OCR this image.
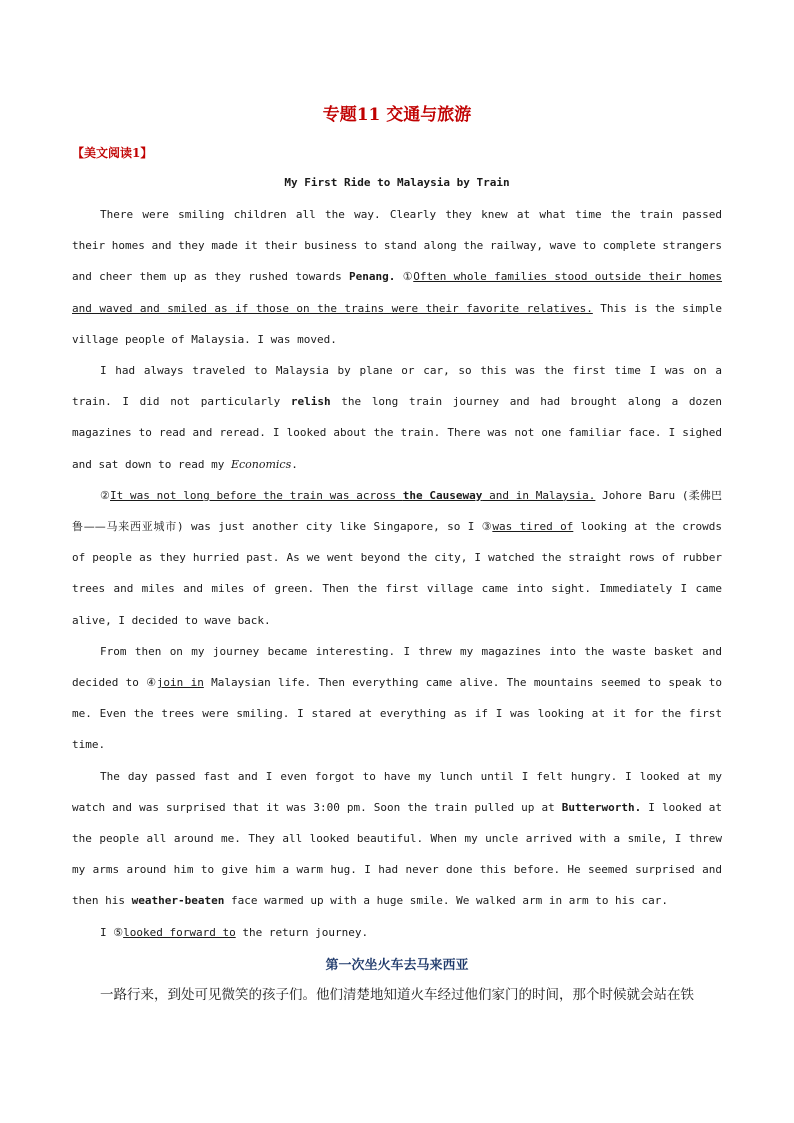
专题11 交通与旅游
【美文阅读1】
My First Ride to Malaysia by Train

There were smiling children all the way. Clearly they knew at what time the train passed their homes and they made it their business to stand along the railway, wave to complete strangers and cheer them up as they rushed towards Penang. ①Often whole families stood outside their homes and waved and smiled as if those on the trains were their favorite relatives. This is the simple village people of Malaysia. I was moved.

I had always traveled to Malaysia by plane or car, so this was the first time I was on a train. I did not particularly relish the long train journey and had brought along a dozen magazines to read and reread. I looked about the train. There was not one familiar face. I sighed and sat down to read my Economics.

②It was not long before the train was across the Causeway and in Malaysia. Johore Baru (柔佛巴鲁——马来西亚城市) was just another city like Singapore, so I ③was tired of looking at the crowds of people as they hurried past. As we went beyond the city, I watched the straight rows of rubber trees and miles and miles of green. Then the first village came into sight. Immediately I came alive, I decided to wave back.

From then on my journey became interesting. I threw my magazines into the waste basket and decided to ④join in Malaysian life. Then everything came alive. The mountains seemed to speak to me. Even the trees were smiling. I stared at everything as if I was looking at it for the first time.

The day passed fast and I even forgot to have my lunch until I felt hungry. I looked at my watch and was surprised that it was 3:00 pm. Soon the train pulled up at Butterworth. I looked at the people all around me. They all looked beautiful. When my uncle arrived with a smile, I threw my arms around him to give him a warm hug. I had never done this before. He seemed surprised and then his weather-beaten face warmed up with a huge smile. We walked arm in arm to his car.

I ⑤looked forward to the return journey.

第一次坐火车去马来西亚

一路行来，到处可见微笑的孩子们。他们清楚地知道火车经过他们家门的时间，那个时候就会站在铁
